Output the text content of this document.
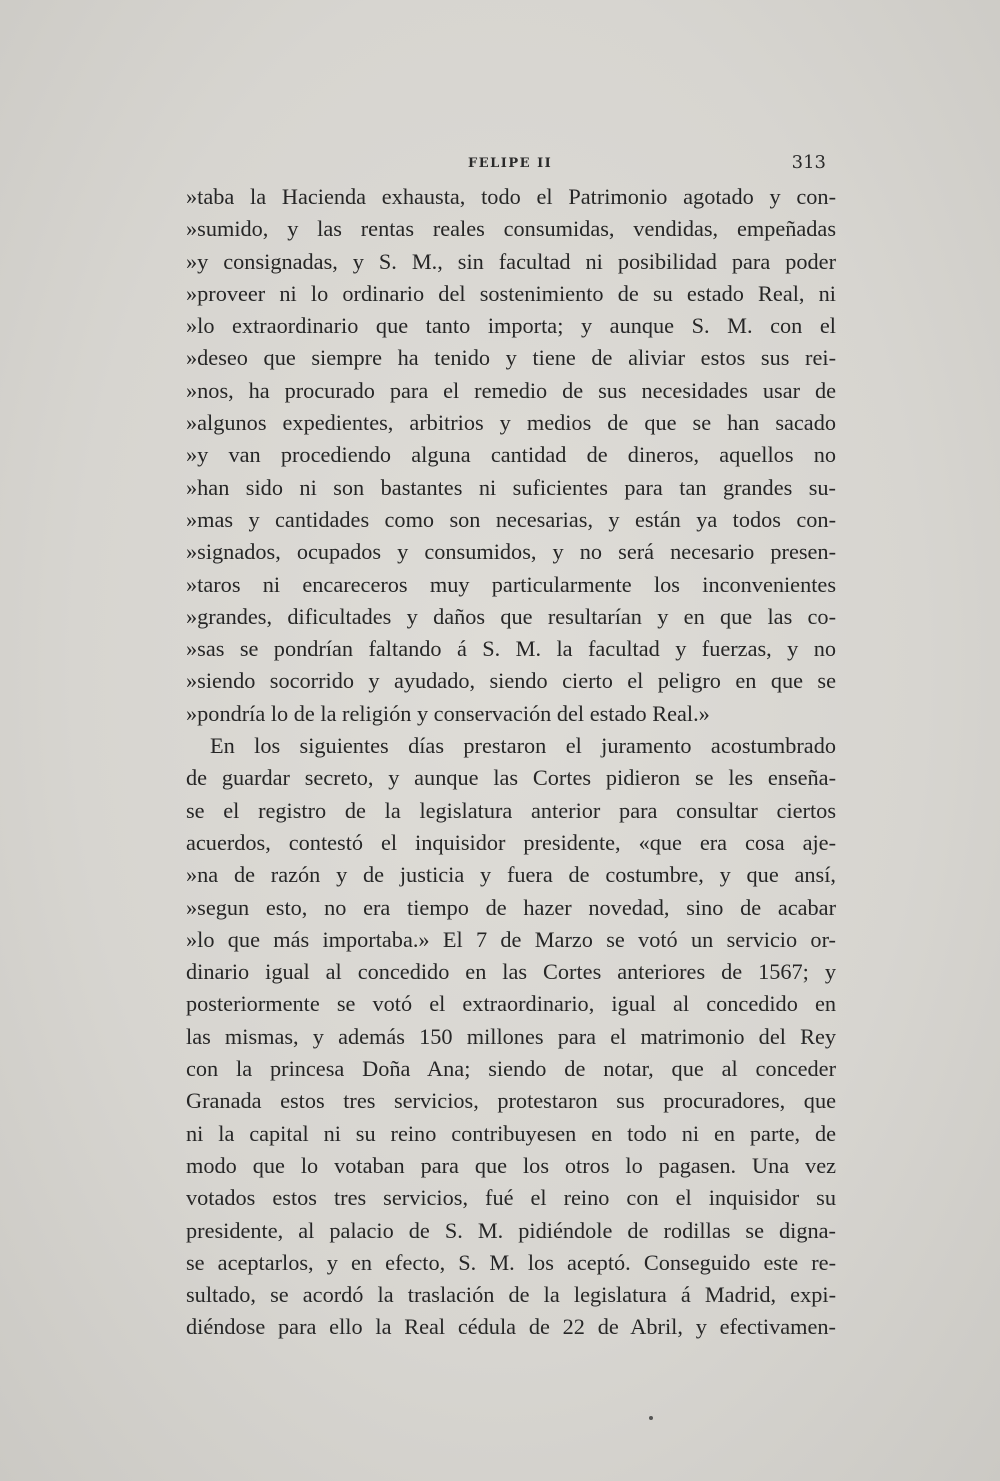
FELIPE II	313
»taba la Hacienda exhausta, todo el Patrimonio agotado y con-
»sumido, y las rentas reales consumidas, vendidas, empeñadas
»y consignadas, y S. M., sin facultad ni posibilidad para poder
»proveer ni lo ordinario del sostenimiento de su estado Real, ni
»lo extraordinario que tanto importa; y aunque S. M. con el
»deseo que siempre ha tenido y tiene de aliviar estos sus rei-
»nos, ha procurado para el remedio de sus necesidades usar de
»algunos expedientes, arbitrios y medios de que se han sacado
»y van procediendo alguna cantidad de dineros, aquellos no
»han sido ni son bastantes ni suficientes para tan grandes su-
»mas y cantidades como son necesarias, y están ya todos con-
»signados, ocupados y consumidos, y no será necesario presen-
»taros ni encareceros muy particularmente los inconvenientes
»grandes, dificultades y daños que resultarían y en que las co-
»sas se pondrían faltando á S. M. la facultad y fuerzas, y no
»siendo socorrido y ayudado, siendo cierto el peligro en que se
»pondría lo de la religión y conservación del estado Real.»
En los siguientes días prestaron el juramento acostumbrado
de guardar secreto, y aunque las Cortes pidieron se les enseña-
se el registro de la legislatura anterior para consultar ciertos
acuerdos, contestó el inquisidor presidente, «que era cosa aje-
»na de razón y de justicia y fuera de costumbre, y que ansí,
»segun esto, no era tiempo de hazer novedad, sino de acabar
»lo que más importaba.» El 7 de Marzo se votó un servicio or-
dinario igual al concedido en las Cortes anteriores de 1567; y
posteriormente se votó el extraordinario, igual al concedido en
las mismas, y además 150 millones para el matrimonio del Rey
con la princesa Doña Ana; siendo de notar, que al conceder
Granada estos tres servicios, protestaron sus procuradores, que
ni la capital ni su reino contribuyesen en todo ni en parte, de
modo que lo votaban para que los otros lo pagasen. Una vez
votados estos tres servicios, fué el reino con el inquisidor su
presidente, al palacio de S. M. pidiéndole de rodillas se digna-
se aceptarlos, y en efecto, S. M. los aceptó. Conseguido este re-
sultado, se acordó la traslación de la legislatura á Madrid, expi-
diéndose para ello la Real cédula de 22 de Abril, y efectivamen-
